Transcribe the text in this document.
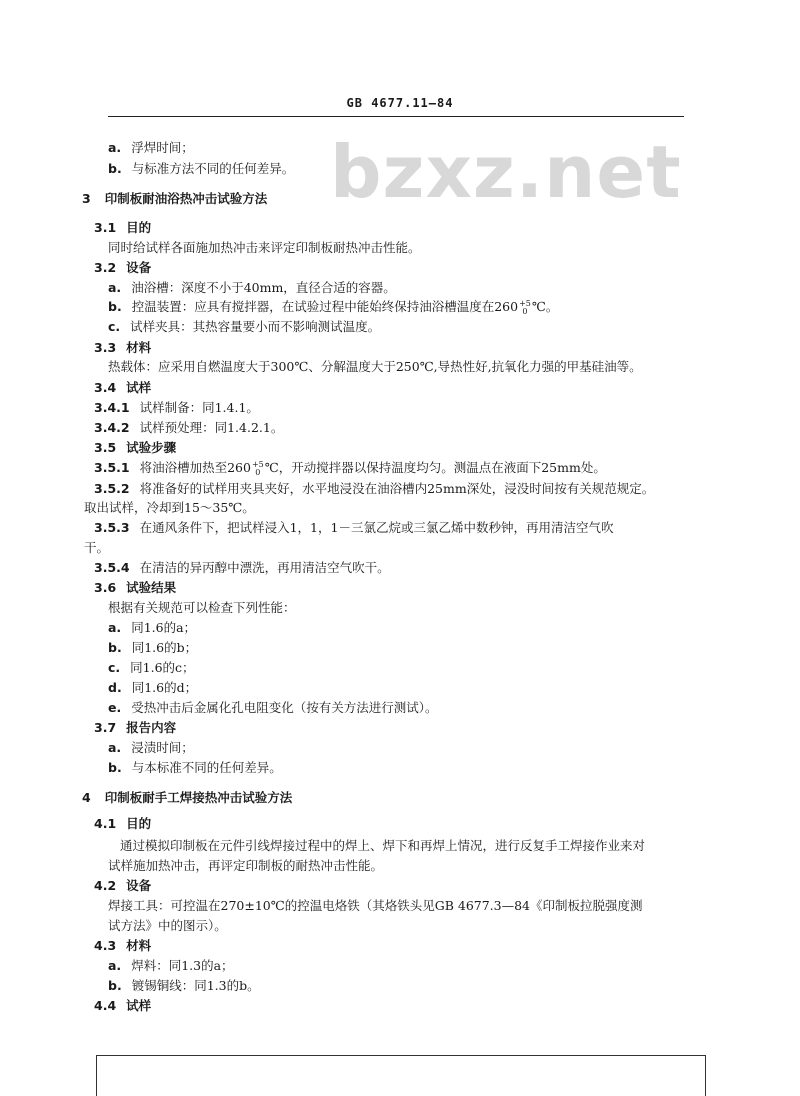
GB 4677.11—84
bzxz.net
a. 浮焊时间；
b. 与标准方法不同的任何差异。
3 印制板耐油浴热冲击试验方法
3.1 目的
同时给试样各面施加热冲击来评定印制板耐热冲击性能。
3.2 设备
a. 油浴槽：深度不小于40mm，直径合适的容器。
b. 控温装置：应具有搅拌器，在试验过程中能始终保持油浴槽温度在260 +5
0 ℃。
c. 试样夹具：其热容量要小而不影响测试温度。
3.3 材料
热载体：应采用自燃温度大于300℃、分解温度大于250℃,导热性好,抗氧化力强的甲基硅油等。
3.4 试样
3.4.1 试样制备：同1.4.1。
3.4.2 试样预处理：同1.4.2.1。
3.5 试验步骤
3.5.1 将油浴槽加热至260 +5
0 ℃，开动搅拌器以保持温度均匀。测温点在液面下25mm处。
3.5.2 将准备好的试样用夹具夹好，水平地浸没在油浴槽内25mm深处，浸没时间按有关规范规定。
取出试样，冷却到15～35℃。
3.5.3 在通风条件下，把试样浸入1，1，1－三氯乙烷或三氯乙烯中数秒钟，再用清洁空气吹
干。
3.5.4 在清洁的异丙醇中漂洗，再用清洁空气吹干。
3.6 试验结果
根据有关规范可以检查下列性能：
a. 同1.6的a；
b. 同1.6的b；
c. 同1.6的c；
d. 同1.6的d；
e. 受热冲击后金属化孔电阻变化（按有关方法进行测试）。
3.7 报告内容
a. 浸渍时间；
b. 与本标准不同的任何差异。
4 印制板耐手工焊接热冲击试验方法
4.1 目的
通过模拟印制板在元件引线焊接过程中的焊上、焊下和再焊上情况，进行反复手工焊接作业来对
试样施加热冲击，再评定印制板的耐热冲击性能。
4.2 设备
焊接工具：可控温在270±10℃的控温电烙铁（其烙铁头见GB 4677.3—84《印制板拉脱强度测
试方法》中的图示）。
4.3 材料
a. 焊料：同1.3的a；
b. 镀锡铜线：同1.3的b。
4.4 试样
